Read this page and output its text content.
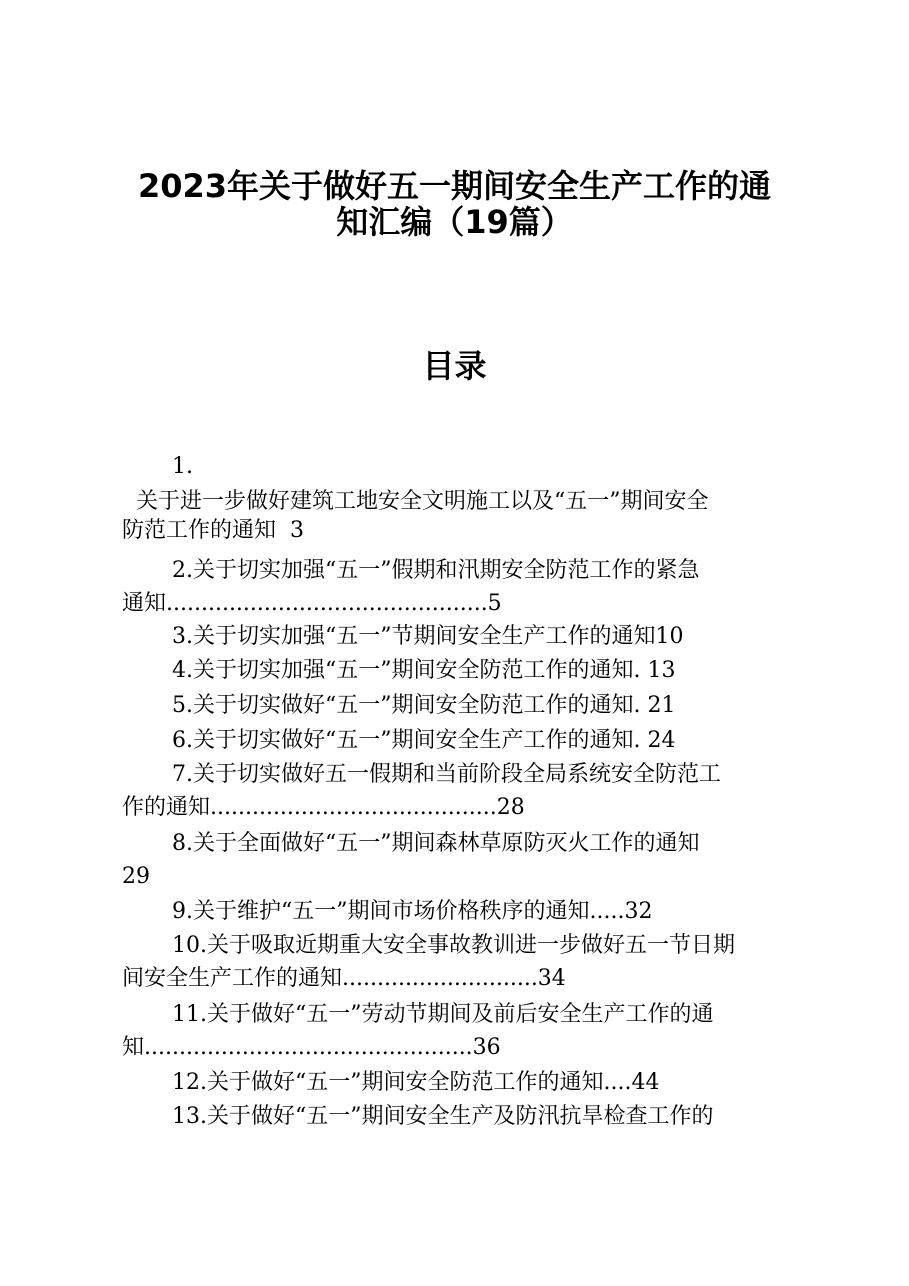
2023年关于做好五一期间安全生产工作的通
知汇编（19篇）
目录

1.

关于进一步做好建筑工地安全文明施工以及“五一”期间安全

防范工作的通知  3

2.关于切实加强“五一”假期和汛期安全防范工作的紧急

通知..............................................5

3.关于切实加强“五一”节期间安全生产工作的通知10

4.关于切实加强“五一”期间安全防范工作的通知. 13

5.关于切实做好“五一”期间安全防范工作的通知. 21

6.关于切实做好“五一”期间安全生产工作的通知. 24

7.关于切实做好五一假期和当前阶段全局系统安全防范工

作的通知.........................................28

8.关于全面做好“五一”期间森林草原防灭火工作的通知

29

9.关于维护“五一”期间市场价格秩序的通知.....32

10.关于吸取近期重大安全事故教训进一步做好五一节日期

间安全生产工作的通知............................34

11.关于做好“五一”劳动节期间及前后安全生产工作的通

知...............................................36

12.关于做好“五一”期间安全防范工作的通知....44

13.关于做好“五一”期间安全生产及防汛抗旱检查工作的
